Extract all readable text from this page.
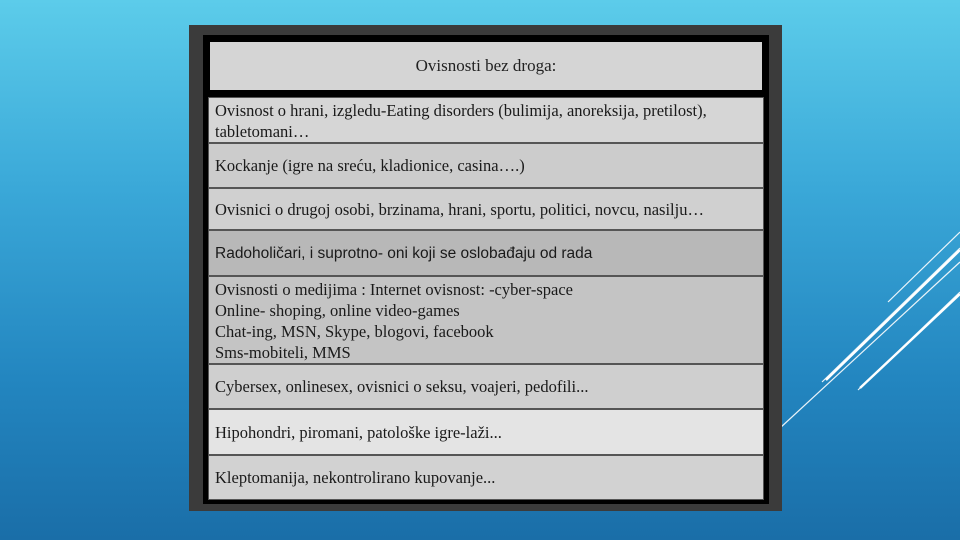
Ovisnosti bez droga:
Ovisnost o hrani, izgledu-Eating disorders (bulimija, anoreksija, pretilost),
tabletomani…
Kockanje (igre na sreću, kladionice, casina….)
Ovisnici o drugoj osobi, brzinama, hrani, sportu, politici, novcu, nasilju…
Radoholičari, i suprotno- oni koji se oslobađaju od rada
Ovisnosti o medijima : Internet ovisnost: -cyber-space
Online- shoping, online video-games
Chat-ing, MSN, Skype, blogovi, facebook
Sms-mobiteli, MMS
Cybersex, onlinesex, ovisnici o seksu, voajeri, pedofili...
Hipohondri, piromani, patološke igre-laži...
Kleptomanija, nekontrolirano kupovanje...
